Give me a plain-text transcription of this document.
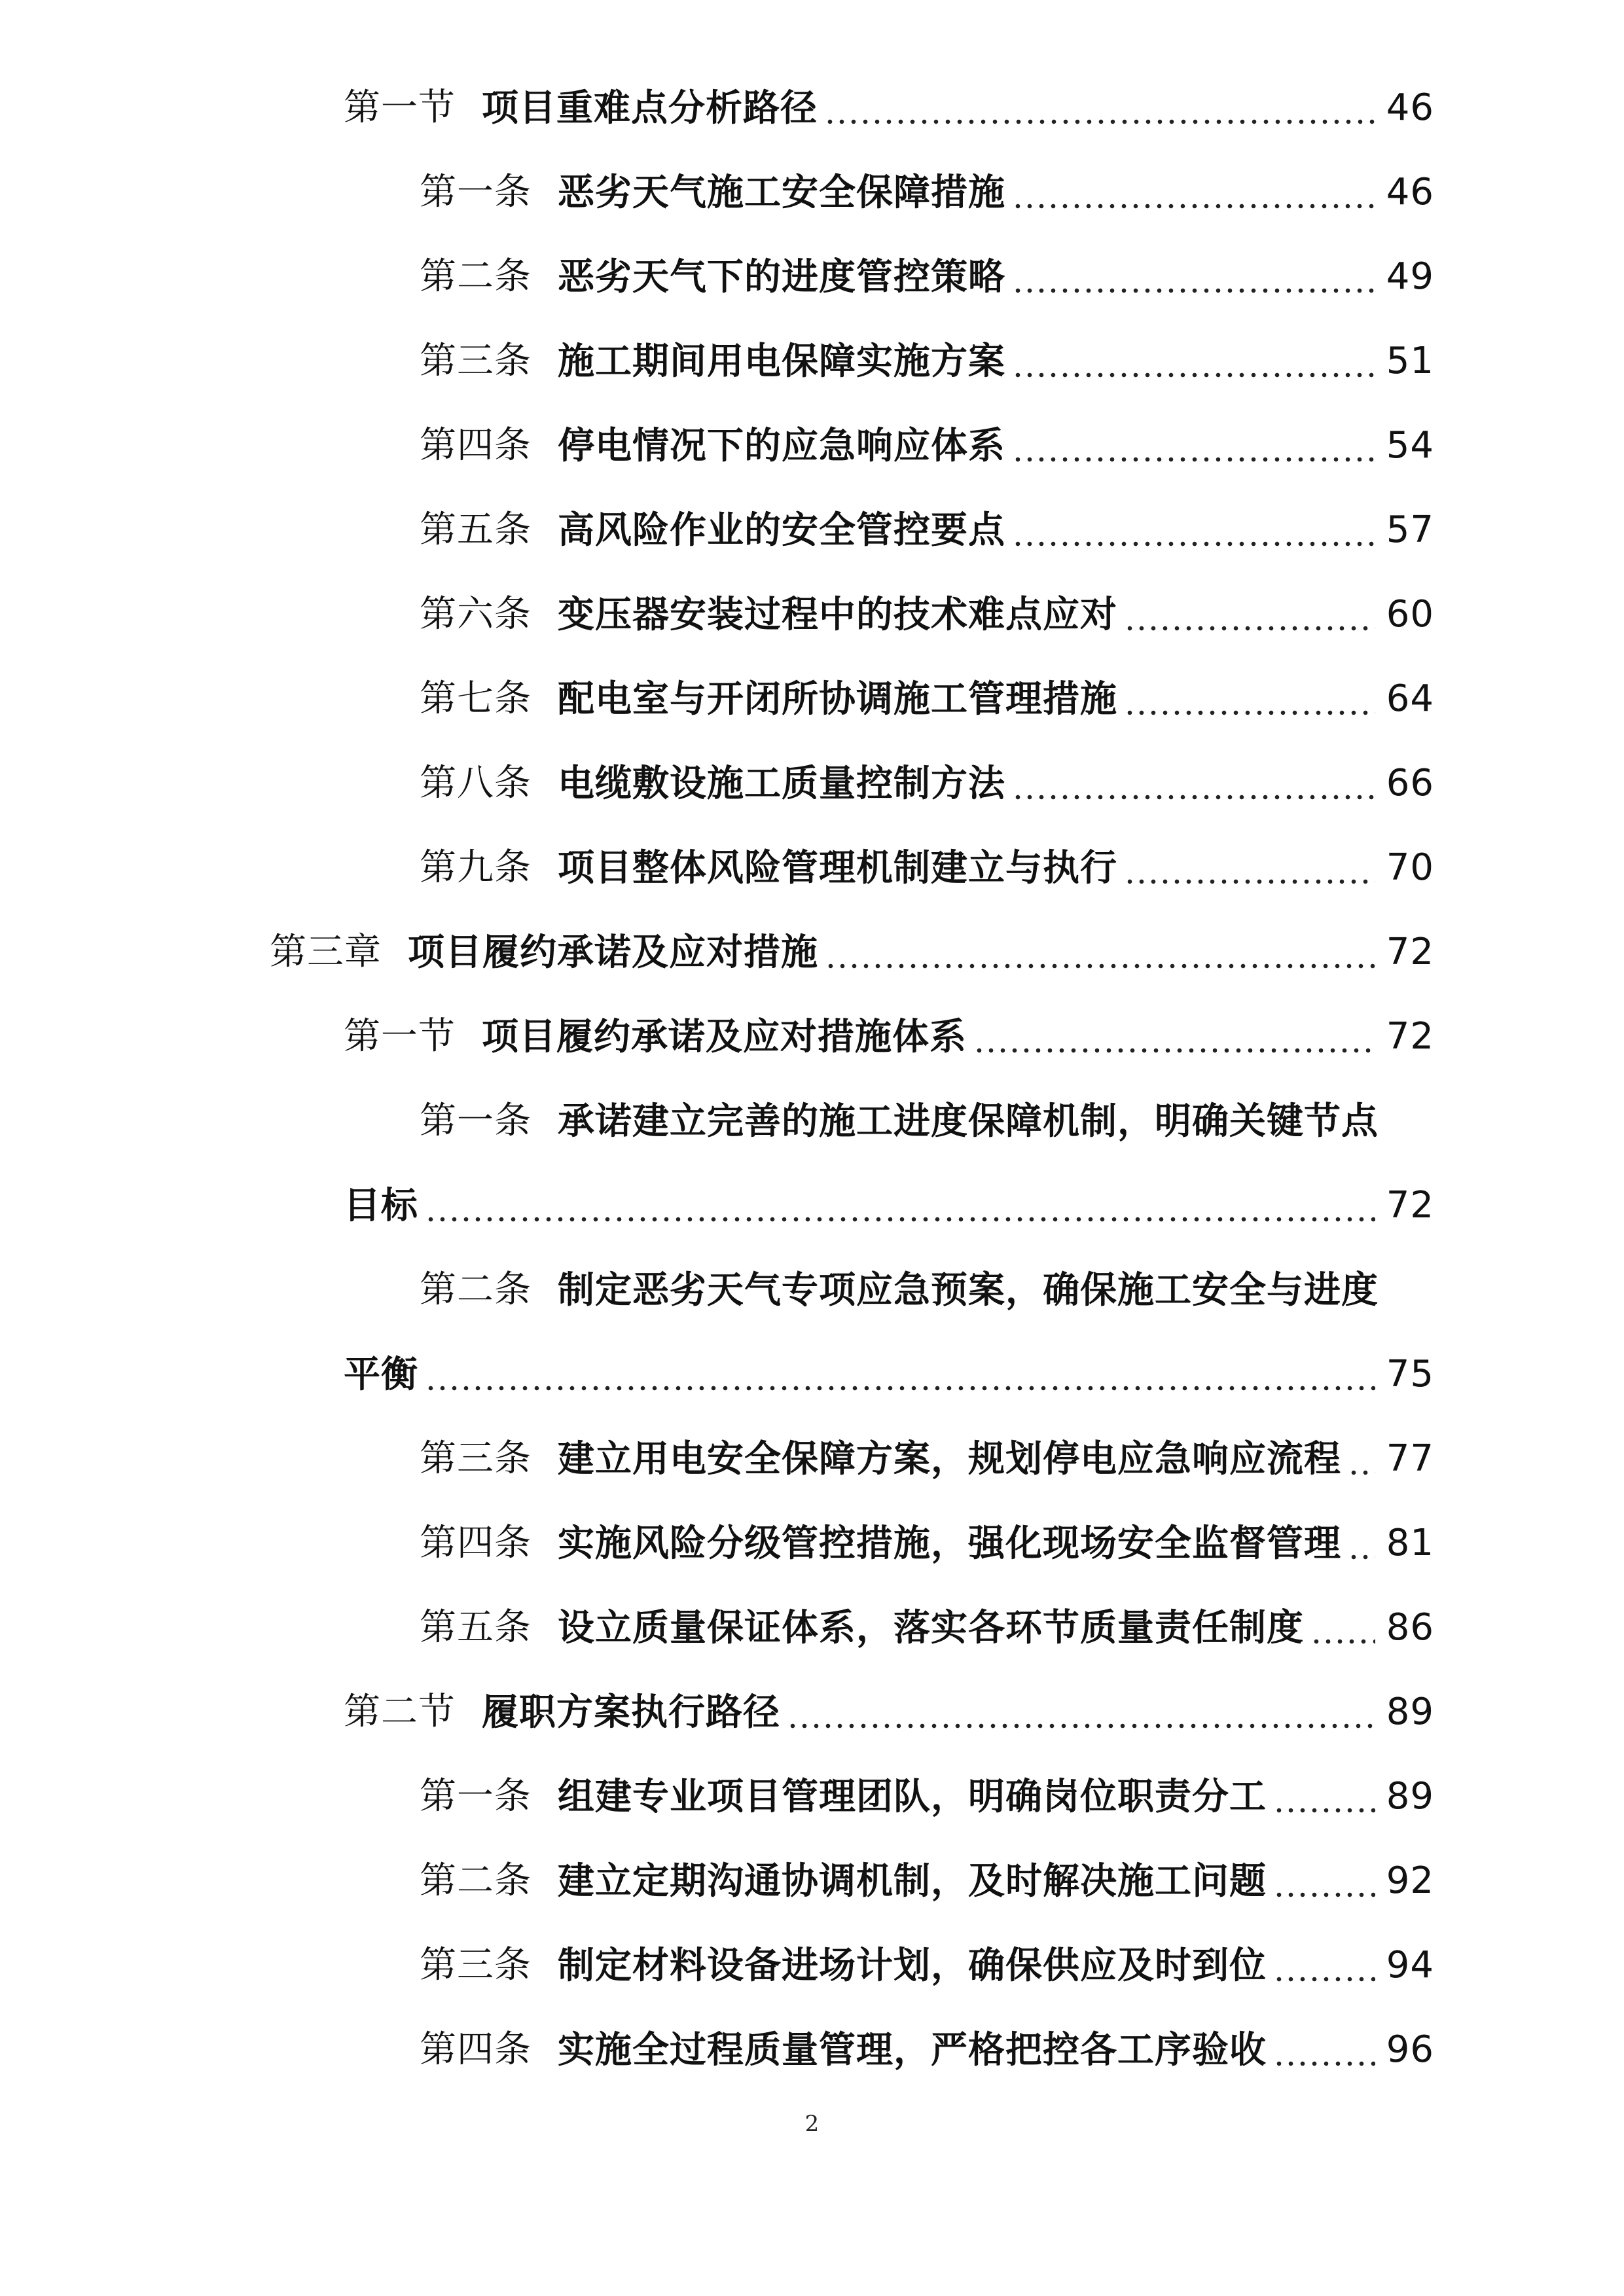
第一节 项目重难点分析路径	46
第一条 恶劣天气施工安全保障措施	46
第二条 恶劣天气下的进度管控策略	49
第三条 施工期间用电保障实施方案	51
第四条 停电情况下的应急响应体系	54
第五条 高风险作业的安全管控要点	57
第六条 变压器安装过程中的技术难点应对	60
第七条 配电室与开闭所协调施工管理措施	64
第八条 电缆敷设施工质量控制方法	66
第九条 项目整体风险管理机制建立与执行	70
第三章 项目履约承诺及应对措施	72
第一节 项目履约承诺及应对措施体系	72
第一条 承诺建立完善的施工进度保障机制，明确关键节点
目标	72
第二条 制定恶劣天气专项应急预案，确保施工安全与进度
平衡	75
第三条 建立用电安全保障方案，规划停电应急响应流程 77
第四条 实施风险分级管控措施，强化现场安全监督管理 81
第五条 设立质量保证体系，落实各环节质量责任制度 86
第二节 履职方案执行路径	89
第一条 组建专业项目管理团队，明确岗位职责分工	89
第二条 建立定期沟通协调机制，及时解决施工问题	92
第三条 制定材料设备进场计划，确保供应及时到位	94
第四条 实施全过程质量管理，严格把控各工序验收	96
2
